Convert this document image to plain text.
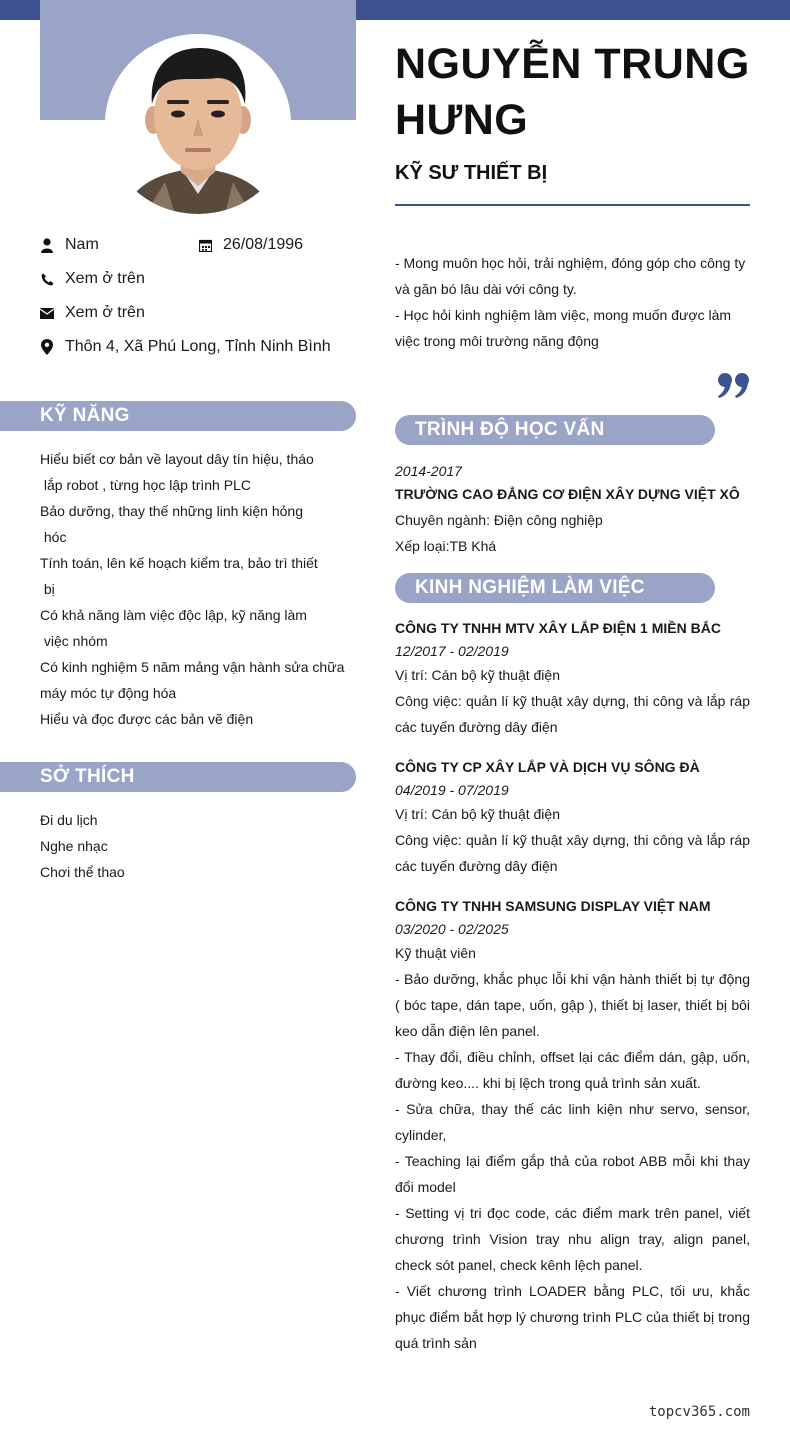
Nam	26/08/1996
Xem ở trên
Xem ở trên
Thôn 4, Xã Phú Long, Tỉnh Ninh Bình
KỸ NĂNG
Hiểu biết cơ bản về layout dây tín hiệu, tháo
lắp robot , từng học lập trình PLC
Bảo dưỡng, thay thế những linh kiện hỏng
hóc
Tính toán, lên kế hoạch kiểm tra, bảo trì thiết
bị
Có khả năng làm việc độc lập, kỹ năng làm
việc nhóm
Có kinh nghiệm 5 năm mảng vận hành sửa chữa
máy móc tự động hóa
Hiểu và đọc được các bản vẽ điện
SỞ THÍCH
Đi du lịch
Nghe nhạc
Chơi thể thao
NGUYỄN TRUNG HƯNG
KỸ SƯ THIẾT BỊ
- Mong muôn học hỏi, trải nghiệm, đóng góp cho công ty và găn bó lâu dài với công ty.
- Học hỏi kinh nghiệm làm việc, mong muốn được làm việc trong môi trường năng động
TRÌNH ĐỘ HỌC VẤN
2014-2017
TRƯỜNG CAO ĐẲNG CƠ ĐIỆN XÂY DỰNG VIỆT XÔ
Chuyên ngành: Điện công nghiệp
Xếp loại:TB Khá
KINH NGHIỆM LÀM VIỆC
CÔNG TY TNHH MTV XÂY LẮP ĐIỆN 1 MIỀN BẮC
12/2017 - 02/2019
Vị trí: Cán bộ kỹ thuật điện
Công việc: quản lí kỹ thuật xây dựng, thi công và lắp ráp các tuyến đường dây điện
CÔNG TY CP XÂY LẮP VÀ DỊCH VỤ SÔNG ĐÀ
04/2019 - 07/2019
Vị trí: Cán bộ kỹ thuật điện
Công việc: quản lí kỹ thuật xây dựng, thi công và lắp ráp các tuyến đường dây điện
CÔNG TY TNHH SAMSUNG DISPLAY VIỆT NAM
03/2020 - 02/2025
Kỹ thuật viên
- Bảo dưỡng, khắc phục lỗi khi vận hành thiết bị tự động ( bóc tape, dán tape, uốn, gập ), thiết bị laser, thiết bị bôi keo dẫn điện lên panel.
- Thay đổi, điều chỉnh, offset lại các điểm dán, gập, uốn, đường keo.... khi bị lệch trong quả trình sản xuất.
- Sửa chữa, thay thế các linh kiện như servo, sensor, cylinder,
- Teaching lại điểm gắp thả của robot ABB mỗi khi thay đổi model
- Setting vị tri đọc code, các điểm mark trên panel, viết chương trình Vision tray nhu align tray, align panel, check sót panel, check kênh lệch panel.
- Viết chương trình LOADER bằng PLC, tối ưu, khắc phục điểm bắt hợp lý chương trình PLC của thiết bị trong quá trình sản
topcv365.com
